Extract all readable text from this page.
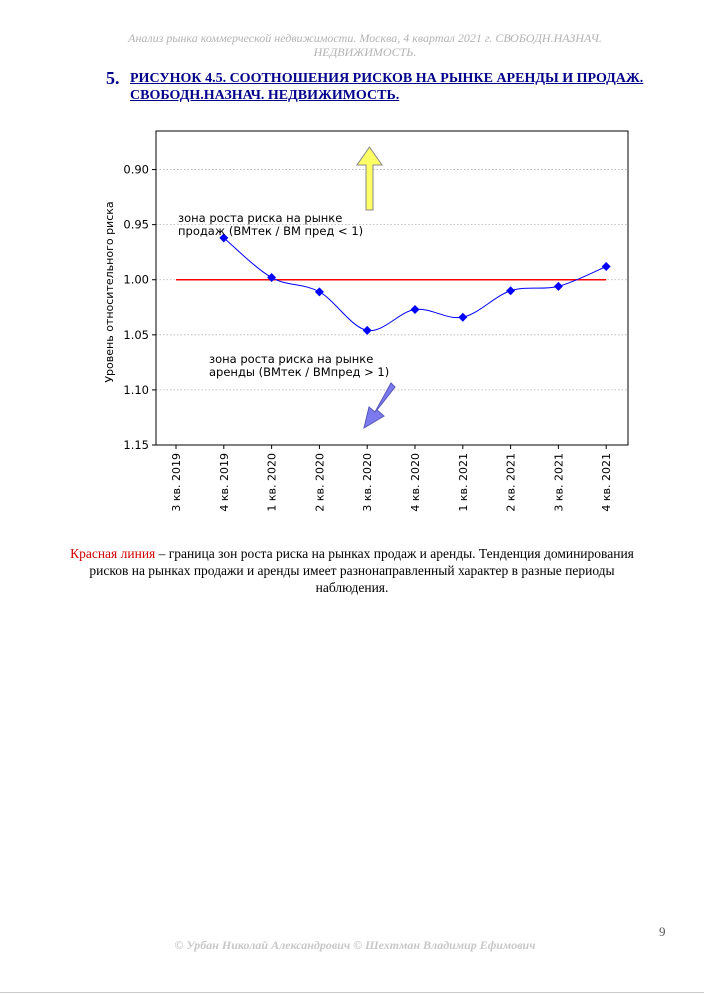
Анализ рынка коммерческой недвижимости. Москва, 4 квартал 2021 г. СВОБОДН.НАЗНАЧ.
НЕДВИЖИМОСТЬ.
5. РИСУНОК 4.5. СООТНОШЕНИЯ РИСКОВ НА РЫНКЕ АРЕНДЫ И ПРОДАЖ. СВОБОДН.НАЗНАЧ. НЕДВИЖИМОСТЬ.
0.90
0.95
1.00
1.05
1.10
1.15
3 кв. 2019	4 кв. 2019	1 кв. 2020	2 кв. 2020	3 кв. 2020	4 кв. 2020	1 кв. 2021	2 кв. 2021	3 кв. 2021	4 кв. 2021
Уровень относительного риска	зона роста риска на рынке
продаж (ВМтек / ВМ пред < 1)
зона роста риска на рынке
аренды (ВМтек / ВМпред > 1)
Красная линия – граница зон роста риска на рынках продаж и аренды. Тенденция доминирования
рисков на рынках продажи и аренды имеет разнонаправленный характер в разные периоды
наблюдения.
9
© Урбан Николай Александрович © Шехтман Владимир Ефимович
